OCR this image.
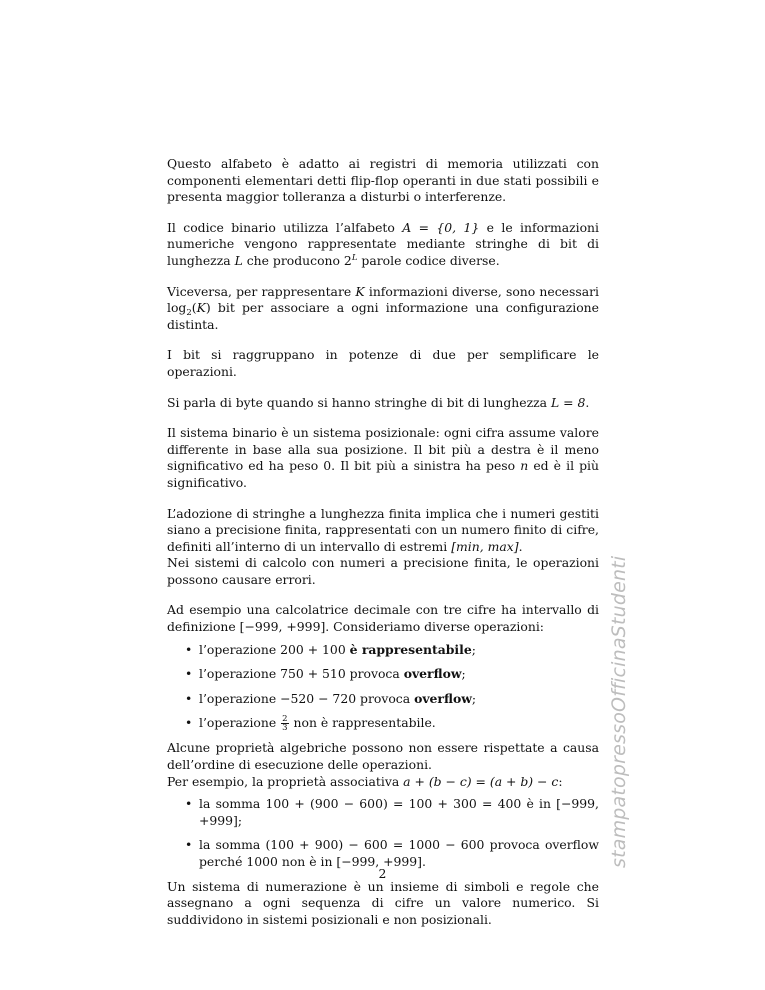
Questo alfabeto è adatto ai registri di memoria utilizzati con componenti elementari detti flip-flop operanti in due stati possibili e presenta maggior tolleranza a disturbi o interferenze.

Il codice binario utilizza l’alfabeto A = {0, 1} e le informazioni numeriche vengono rappresentate mediante stringhe di bit di lunghezza L che producono $2^L$ parole codice diverse.

Viceversa, per rappresentare K informazioni diverse, sono necessari $\log_2(K)$ bit per associare a ogni informazione una configurazione distinta.

I bit si raggruppano in potenze di due per semplificare le operazioni.

Si parla di byte quando si hanno stringhe di bit di lunghezza L = 8.

Il sistema binario è un sistema posizionale: ogni cifra assume valore differente in base alla sua posizione. Il bit più a destra è il meno significativo ed ha peso 0. Il bit più a sinistra ha peso n ed è il più significativo.

L’adozione di stringhe a lunghezza finita implica che i numeri gestiti siano a precisione finita, rappresentati con un numero finito di cifre, definiti all’interno di un intervallo di estremi [min, max].

Nei sistemi di calcolo con numeri a precisione finita, le operazioni possono causare errori.

Ad esempio una calcolatrice decimale con tre cifre ha intervallo di definizione [−999, +999]. Consideriamo diverse operazioni:

• l’operazione 200 + 100 è rappresentabile;
• l’operazione 750 + 510 provoca overflow;
• l’operazione −520 − 720 provoca overflow;
• l’operazione $\frac{2}{3}$ non è rappresentabile.

Alcune proprietà algebriche possono non essere rispettate a causa dell’ordine di esecuzione delle operazioni.

Per esempio, la proprietà associativa a + (b − c) = (a + b) − c:

• la somma 100 + (900 − 600) = 100 + 300 = 400 è in [−999, +999];
• la somma (100 + 900) − 600 = 1000 − 600 provoca overflow perché 1000 non è in [−999, +999].

Un sistema di numerazione è un insieme di simboli e regole che assegnano a ogni sequenza di cifre un valore numerico. Si suddividono in sistemi posizionali e non posizionali.

2
stampatopressoOfficinaStudenti
